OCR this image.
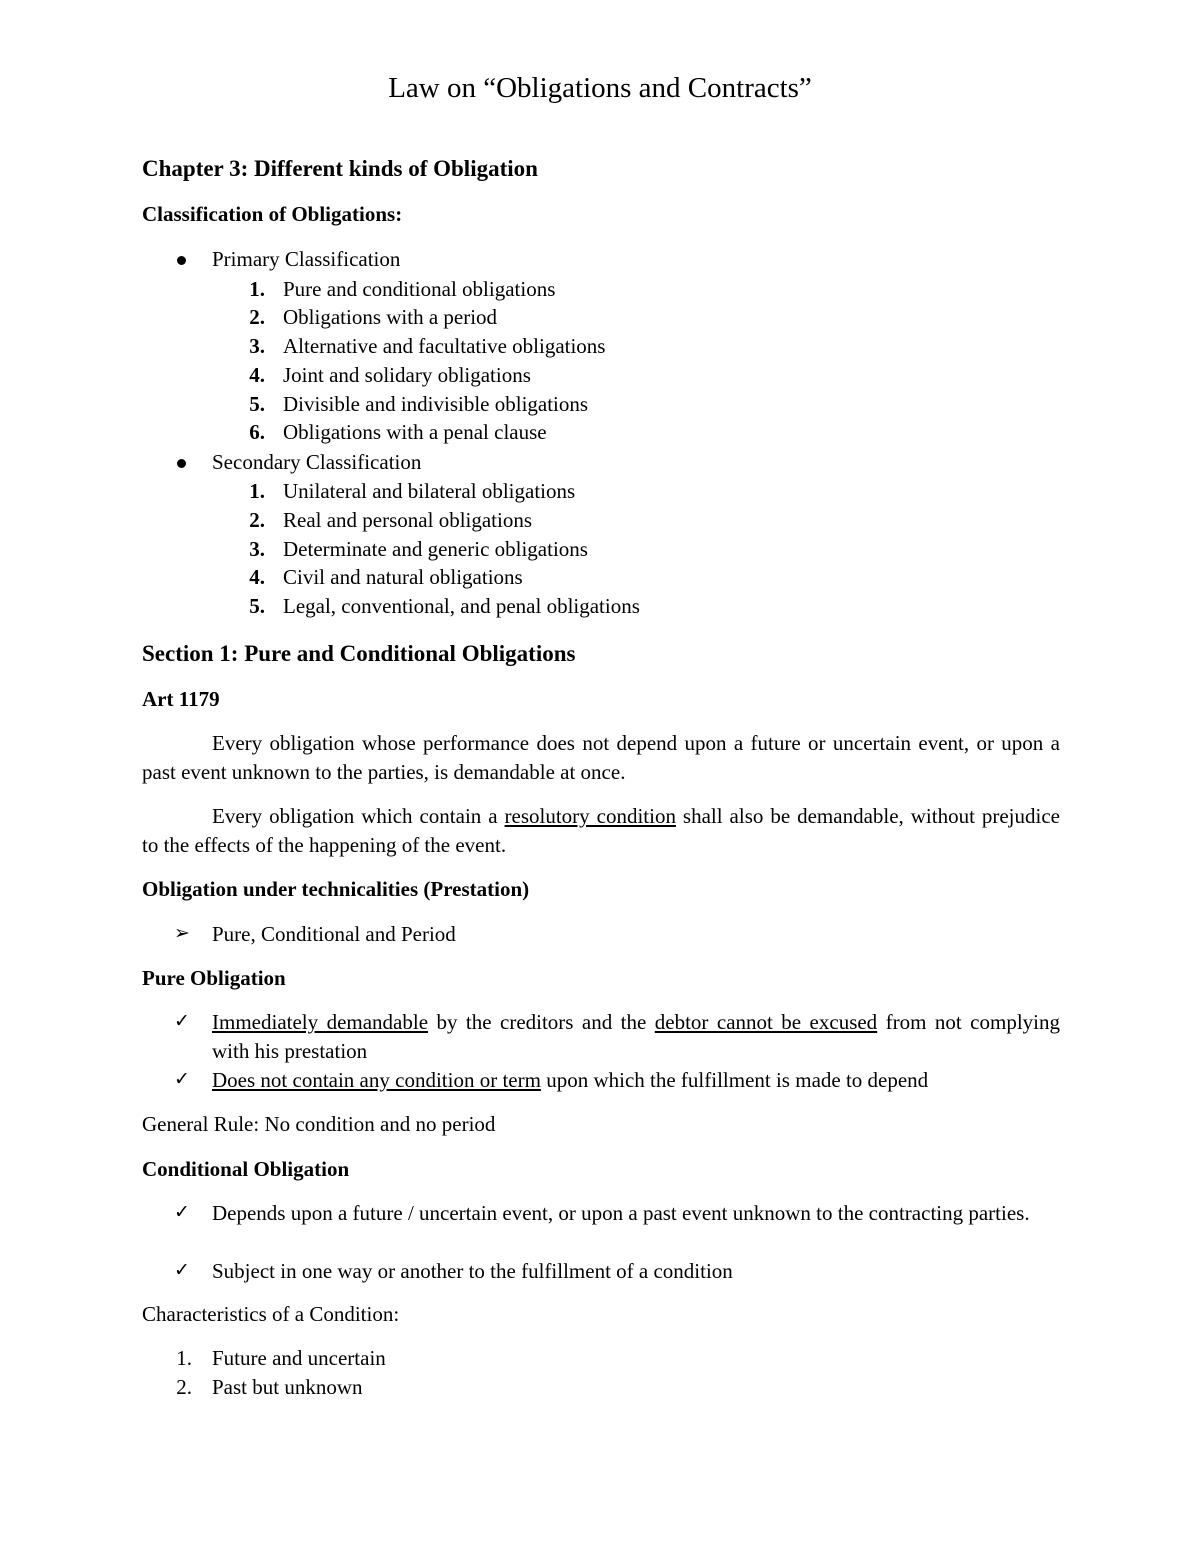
Law on “Obligations and Contracts”
Chapter 3: Different kinds of Obligation
Classification of Obligations:
Primary Classification
1. Pure and conditional obligations
2. Obligations with a period
3. Alternative and facultative obligations
4. Joint and solidary obligations
5. Divisible and indivisible obligations
6. Obligations with a penal clause
Secondary Classification
1. Unilateral and bilateral obligations
2. Real and personal obligations
3. Determinate and generic obligations
4. Civil and natural obligations
5. Legal, conventional, and penal obligations
Section 1: Pure and Conditional Obligations
Art 1179
Every obligation whose performance does not depend upon a future or uncertain event, or upon a past event unknown to the parties, is demandable at once.
Every obligation which contain a resolutory condition shall also be demandable, without prejudice to the effects of the happening of the event.
Obligation under technicalities (Prestation)
➢ Pure, Conditional and Period
Pure Obligation
✓ Immediately demandable by the creditors and the debtor cannot be excused from not complying with his prestation
✓ Does not contain any condition or term upon which the fulfillment is made to depend
General Rule: No condition and no period
Conditional Obligation
✓ Depends upon a future / uncertain event, or upon a past event unknown to the contracting parties.
✓ Subject in one way or another to the fulfillment of a condition
Characteristics of a Condition:
1. Future and uncertain
2. Past but unknown
